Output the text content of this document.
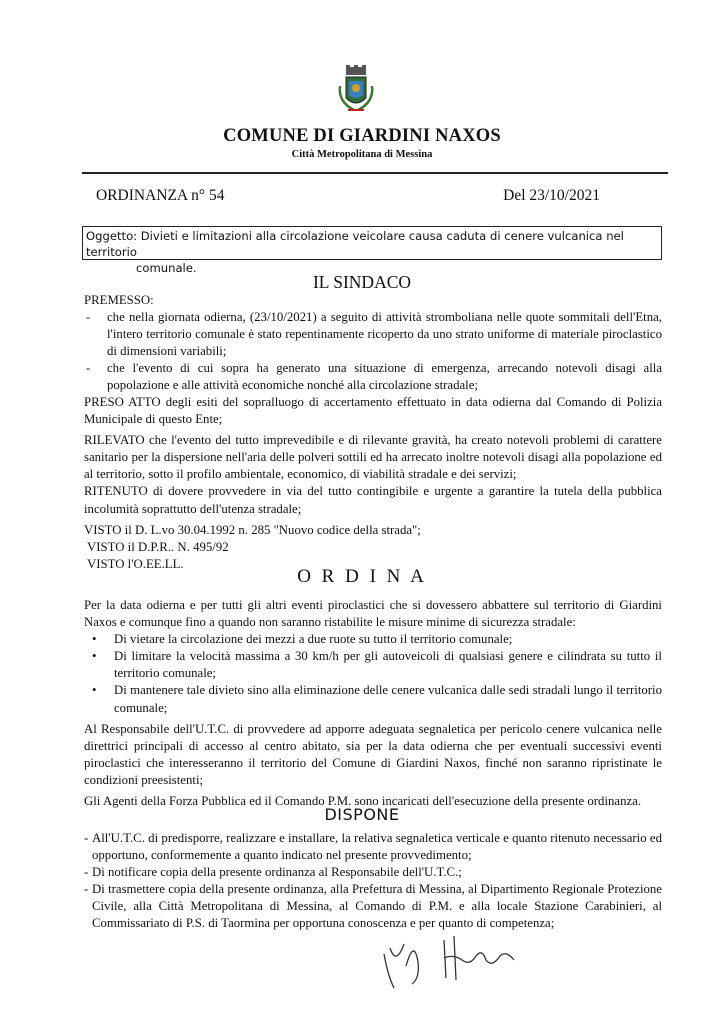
COMUNE DI GIARDINI NAXOS
Città Metropolitana di Messina
ORDINANZA n° 54	Del 23/10/2021
Oggetto: Divieti e limitazioni alla circolazione veicolare causa caduta di cenere vulcanica nel territorio
comunale.
IL SINDACO

PREMESSO:

- che nella giornata odierna, (23/10/2021) a seguito di attività stromboliana nelle quote sommitali dell'Etna, l'intero territorio comunale è stato repentinamente ricoperto da uno strato uniforme di materiale piroclastico di dimensioni variabili;
- che l'evento di cui sopra ha generato una situazione di emergenza, arrecando notevoli disagi alla popolazione e alle attività economiche nonché alla circolazione stradale;

PRESO ATTO degli esiti del sopralluogo di accertamento effettuato in data odierna dal Comando di Polizia Municipale di questo Ente;

RILEVATO che l'evento del tutto imprevedibile e di rilevante gravità, ha creato notevoli problemi di carattere sanitario per la dispersione nell'aria delle polveri sottili ed ha arrecato inoltre notevoli disagi alla popolazione ed al territorio, sotto il profilo ambientale, economico, di viabilità stradale e dei servizi;

RITENUTO di dovere provvedere in via del tutto contingibile e urgente a garantire la tutela della pubblica incolumità soprattutto dell'utenza stradale;

VISTO il D. L.vo 30.04.1992 n. 285 "Nuovo codice della strada";

VISTO il D.P.R.. N. 495/92

VISTO l'O.EE.LL.

O R D I N A

Per la data odierna e per tutti gli altri eventi piroclastici che si dovessero abbattere sul territorio di Giardini Naxos e comunque fino a quando non saranno ristabilite le misure minime di sicurezza stradale:

• Di vietare la circolazione dei mezzi a due ruote su tutto il territorio comunale;
• Di limitare la velocità massima a 30 km/h per gli autoveicoli di qualsiasi genere e cilindrata su tutto il territorio comunale;
• Di mantenere tale divieto sino alla eliminazione delle cenere vulcanica dalle sedi stradali lungo il territorio comunale;

Al Responsabile dell'U.T.C. di provvedere ad apporre adeguata segnaletica per pericolo cenere vulcanica nelle direttrici principali di accesso al centro abitato, sia per la data odierna che per eventuali successivi eventi piroclastici che interesseranno il territorio del Comune di Giardini Naxos, finché non saranno ripristinate le condizioni preesistenti;

Gli Agenti della Forza Pubblica ed il Comando P.M. sono incaricati dell'esecuzione della presente ordinanza.

DISPONE
- All'U.T.C. di predisporre, realizzare e installare, la relativa segnaletica verticale e quanto ritenuto necessario ed opportuno, conformemente a quanto indicato nel presente provvedimento;
- Di notificare copia della presente ordinanza al Responsabile dell'U.T.C.;
- Di trasmettere copia della presente ordinanza, alla Prefettura di Messina, al Dipartimento Regionale Protezione Civile, alla Città Metropolitana di Messina, al Comando di P.M. e alla locale Stazione Carabinieri, al Commissariato di P.S. di Taormina per opportuna conoscenza e per quanto di competenza;
